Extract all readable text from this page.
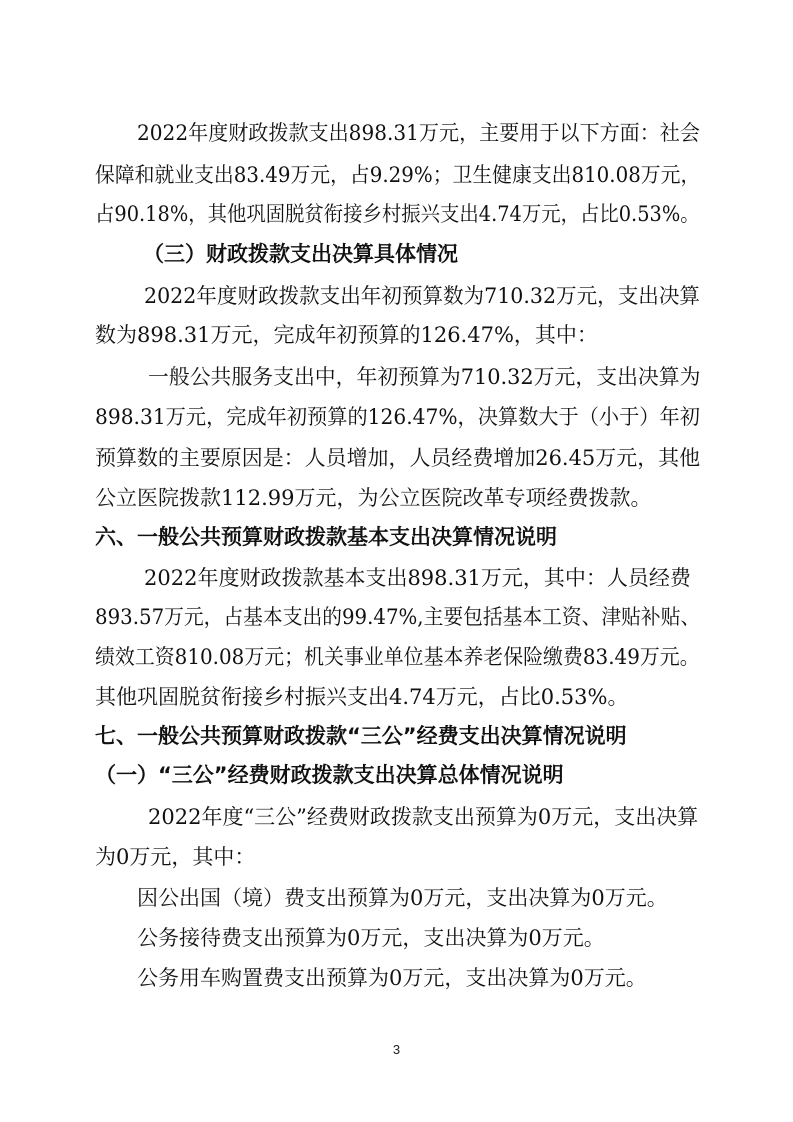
2022年度财政拨款支出898.31万元，主要用于以下方面：社会
保障和就业支出83.49万元，占9.29%；卫生健康支出810.08万元，
占90.18%，其他巩固脱贫衔接乡村振兴支出4.74万元，占比0.53%。
（三）财政拨款支出决算具体情况
2022年度财政拨款支出年初预算数为710.32万元，支出决算
数为898.31万元，完成年初预算的126.47%，其中：
一般公共服务支出中，年初预算为710.32万元，支出决算为
898.31万元，完成年初预算的126.47%，决算数大于（小于）年初
预算数的主要原因是：人员增加，人员经费增加26.45万元，其他
公立医院拨款112.99万元，为公立医院改革专项经费拨款。
六、一般公共预算财政拨款基本支出决算情况说明
2022年度财政拨款基本支出898.31万元，其中：人员经费
893.57万元，占基本支出的99.47%,主要包括基本工资、津贴补贴、
绩效工资810.08万元；机关事业单位基本养老保险缴费83.49万元。
其他巩固脱贫衔接乡村振兴支出4.74万元，占比0.53%。
七、一般公共预算财政拨款“三公”经费支出决算情况说明
（一）“三公”经费财政拨款支出决算总体情况说明
2022年度“三公”经费财政拨款支出预算为0万元，支出决算
为0万元，其中：
因公出国（境）费支出预算为0万元，支出决算为0万元。
公务接待费支出预算为0万元，支出决算为0万元。
公务用车购置费支出预算为0万元，支出决算为0万元。
3
